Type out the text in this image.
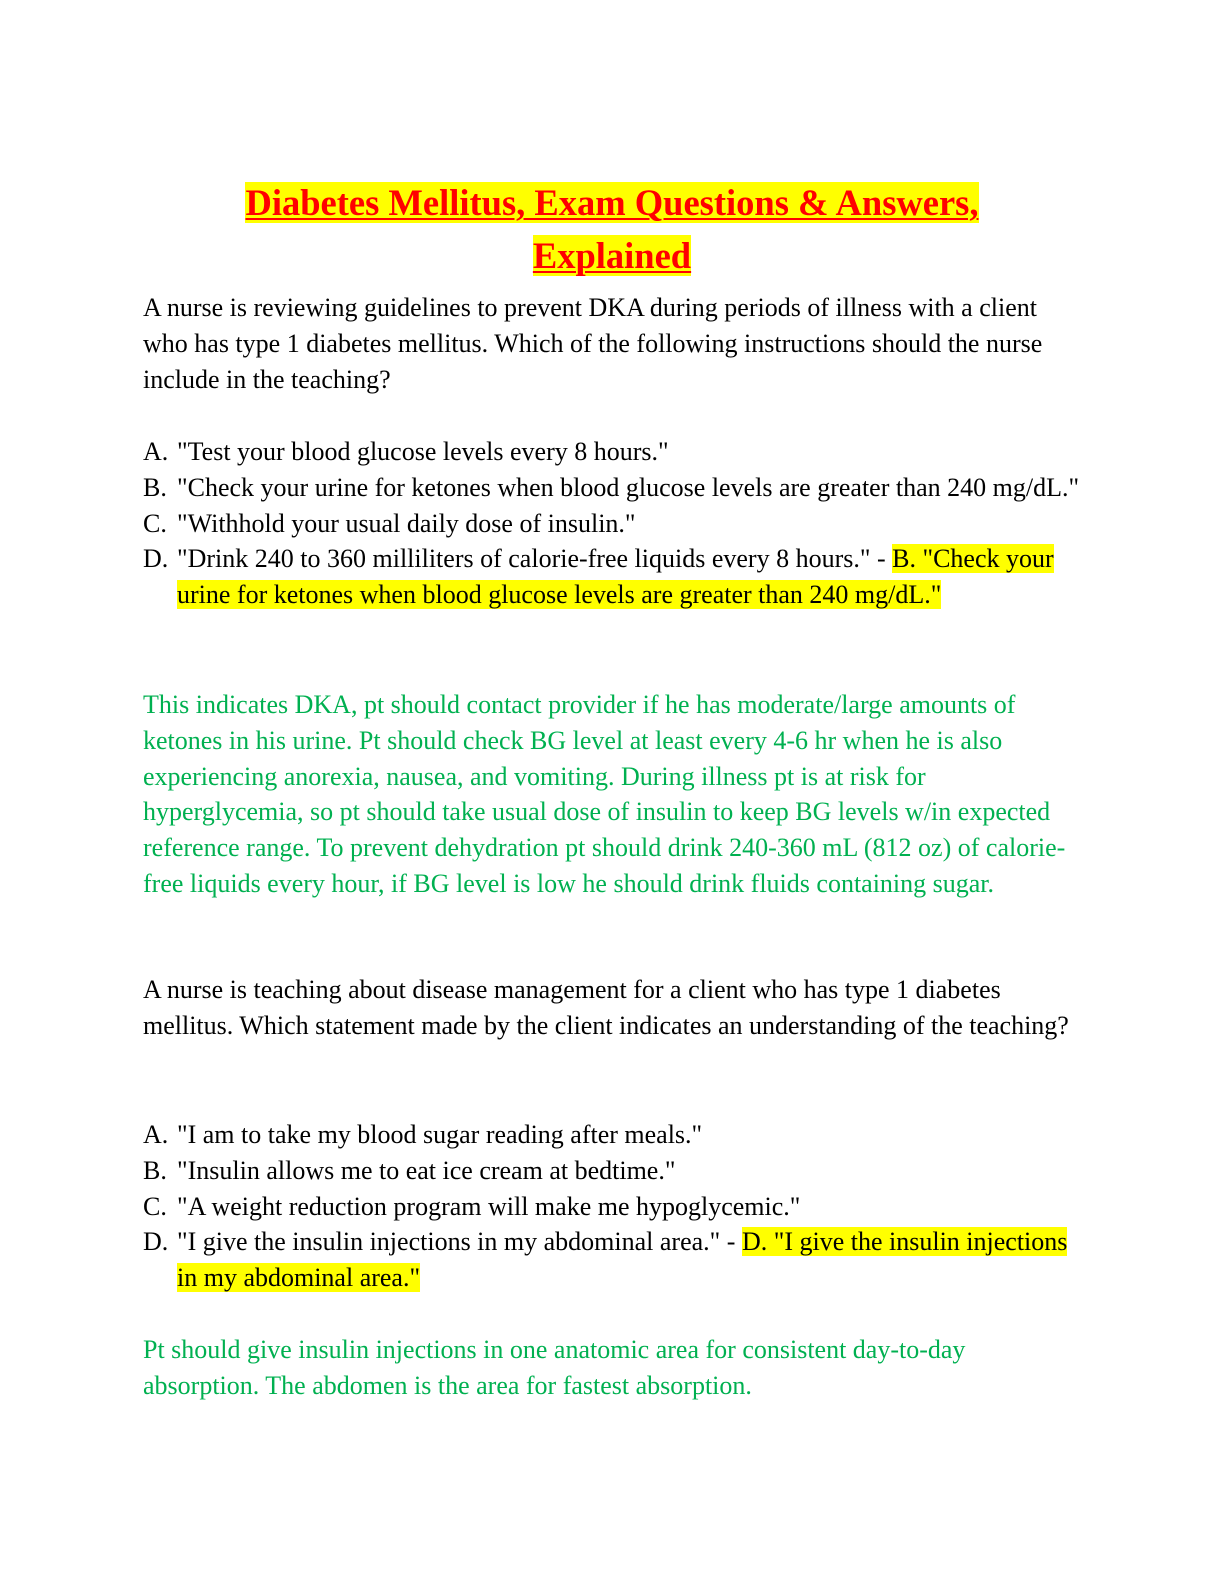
Diabetes Mellitus, Exam Questions & Answers,
Explained

A nurse is reviewing guidelines to prevent DKA during periods of illness with a client who has type 1 diabetes mellitus. Which of the following instructions should the nurse include in the teaching?

A. "Test your blood glucose levels every 8 hours."
B. "Check your urine for ketones when blood glucose levels are greater than 240 mg/dL."
C. "Withhold your usual daily dose of insulin."
D. "Drink 240 to 360 milliliters of calorie-free liquids every 8 hours." - B. "Check your urine for ketones when blood glucose levels are greater than 240 mg/dL."

This indicates DKA, pt should contact provider if he has moderate/large amounts of ketones in his urine. Pt should check BG level at least every 4-6 hr when he is also experiencing anorexia, nausea, and vomiting. During illness pt is at risk for hyperglycemia, so pt should take usual dose of insulin to keep BG levels w/in expected reference range. To prevent dehydration pt should drink 240-360 mL (812 oz) of calorie-free liquids every hour, if BG level is low he should drink fluids containing sugar.

A nurse is teaching about disease management for a client who has type 1 diabetes mellitus. Which statement made by the client indicates an understanding of the teaching?

A. "I am to take my blood sugar reading after meals."
B. "Insulin allows me to eat ice cream at bedtime."
C. "A weight reduction program will make me hypoglycemic."
D. "I give the insulin injections in my abdominal area." - D. "I give the insulin injections in my abdominal area."

Pt should give insulin injections in one anatomic area for consistent day-to-day absorption. The abdomen is the area for fastest absorption.
